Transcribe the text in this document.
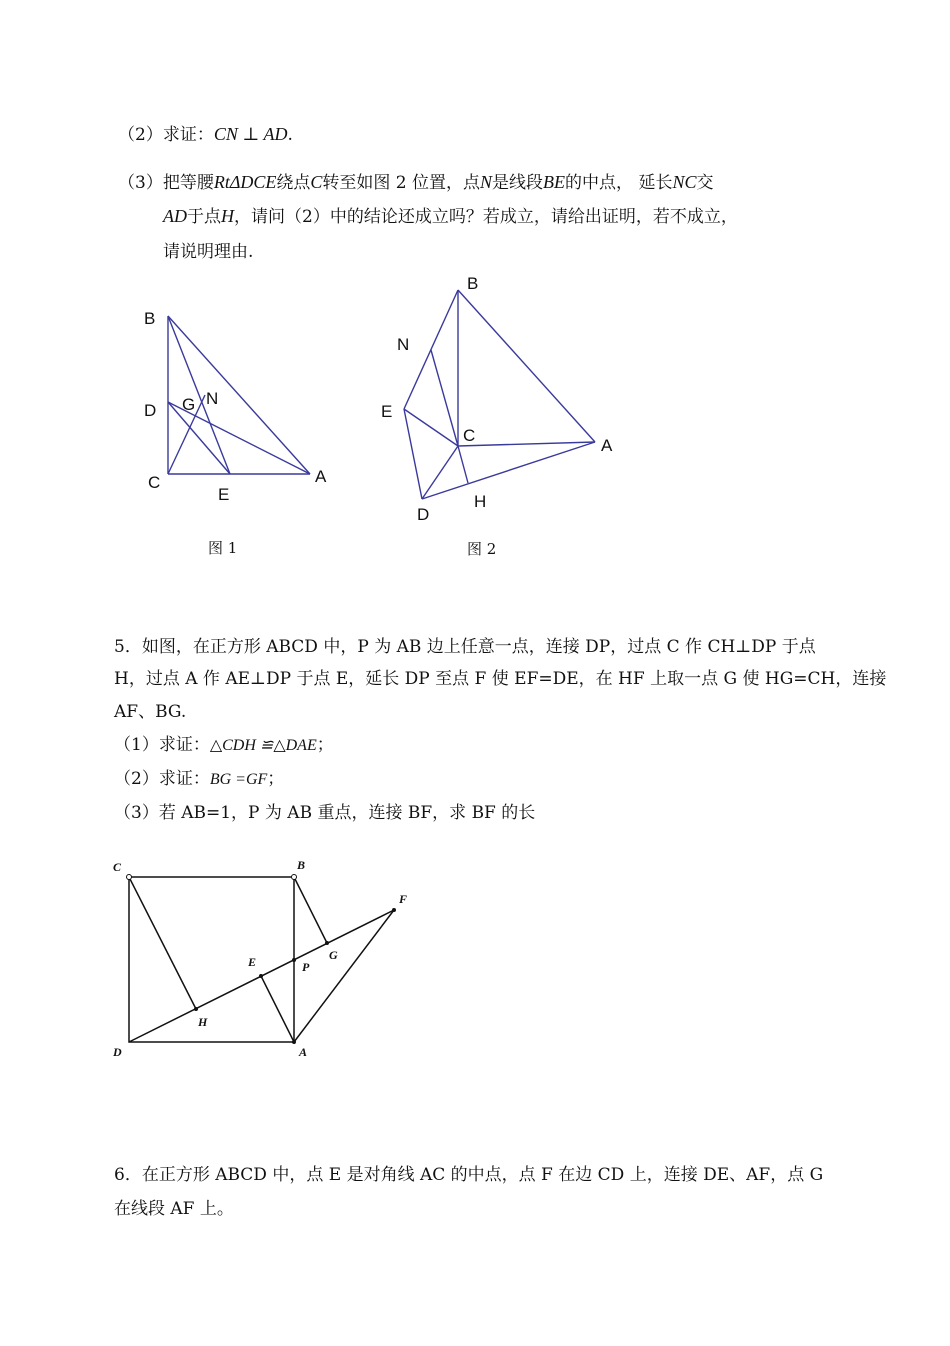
（2）求证：CN ⊥ AD.
（3）把等腰RtΔDCE绕点C转至如图 2 位置，点N是线段BE的中点， 延长NC交
AD于点H，请问（2）中的结论还成立吗？若成立，请给出证明，若不成立，
请说明理由.
B
D G N
C
E
A
图 1
B
N
E
C
A
D
H
图 2
5．如图，在正方形 ABCD 中，P 为 AB 边上任意一点，连接 DP，过点 C 作 CH⊥DP 于点
H，过点 A 作 AE⊥DP 于点 E，延长 DP 至点 F 使 EF=DE，在 HF 上取一点 G 使 HG=CH，连接
AF、BG.
（1）求证：△CDH ≌△DAE；
（2）求证：BG =GF；
（3）若 AB=1，P 为 AB 重点，连接 BF，求 BF 的长
C	B
F
E	P
G
H
D	A
6．在正方形 ABCD 中，点 E 是对角线 AC 的中点，点 F 在边 CD 上，连接 DE、AF，点 G
在线段 AF 上。
